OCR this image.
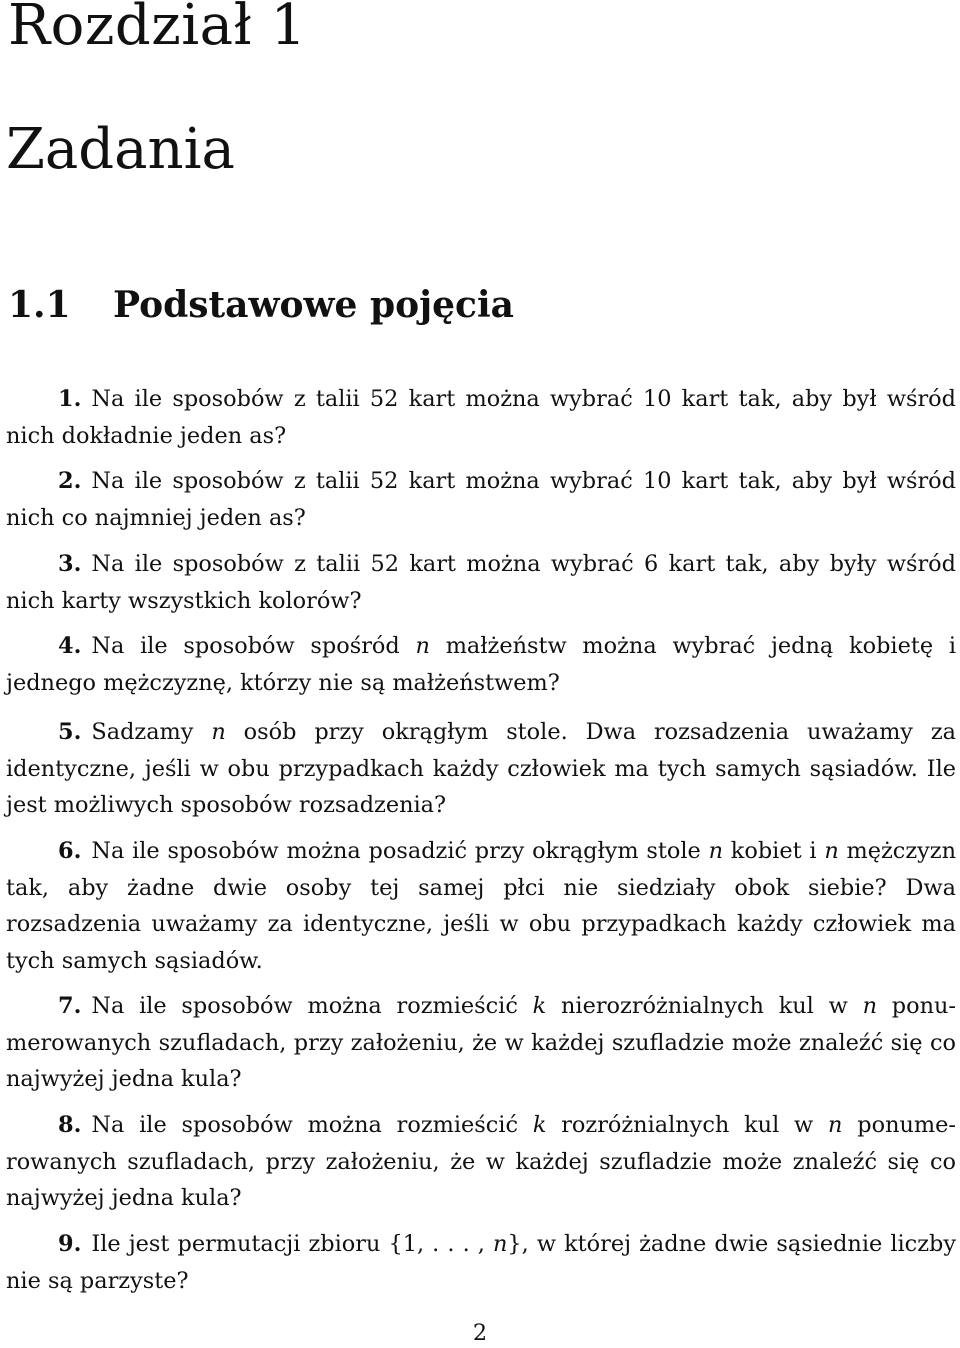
Rozdział 1
Zadania
1.1 Podstawowe pojęcia

1. Na ile sposobów z talii 52 kart można wybrać 10 kart tak, aby był wśród nich dokładnie jeden as?

2. Na ile sposobów z talii 52 kart można wybrać 10 kart tak, aby był wśród nich co najmniej jeden as?

3. Na ile sposobów z talii 52 kart można wybrać 6 kart tak, aby były wśród nich karty wszystkich kolorów?

4. Na ile sposobów spośród n małżeństw można wybrać jedną kobietę i jednego mężczyznę, którzy nie są małżeństwem?

5. Sadzamy n osób przy okrągłym stole. Dwa rozsadzenia uważamy za identyczne, jeśli w obu przypadkach każdy człowiek ma tych samych sąsiadów. Ile jest możliwych sposobów rozsadzenia?

6. Na ile sposobów można posadzić przy okrągłym stole n kobiet i n mężczyzn tak, aby żadne dwie osoby tej samej płci nie siedziały obok siebie? Dwa rozsadzenia uważamy za identyczne, jeśli w obu przypadkach każdy człowiek ma tych samych sąsiadów.

7. Na ile sposobów można rozmieścić k nierozróżnialnych kul w n ponumerowanych szufladach, przy założeniu, że w każdej szufladzie może znaleźć się co najwyżej jedna kula?

8. Na ile sposobów można rozmieścić k rozróżnialnych kul w n ponumerowanych szufladach, przy założeniu, że w każdej szufladzie może znaleźć się co najwyżej jedna kula?

9. Ile jest permutacji zbioru {1, . . . , n}, w której żadne dwie sąsiednie liczby nie są parzyste?

2
